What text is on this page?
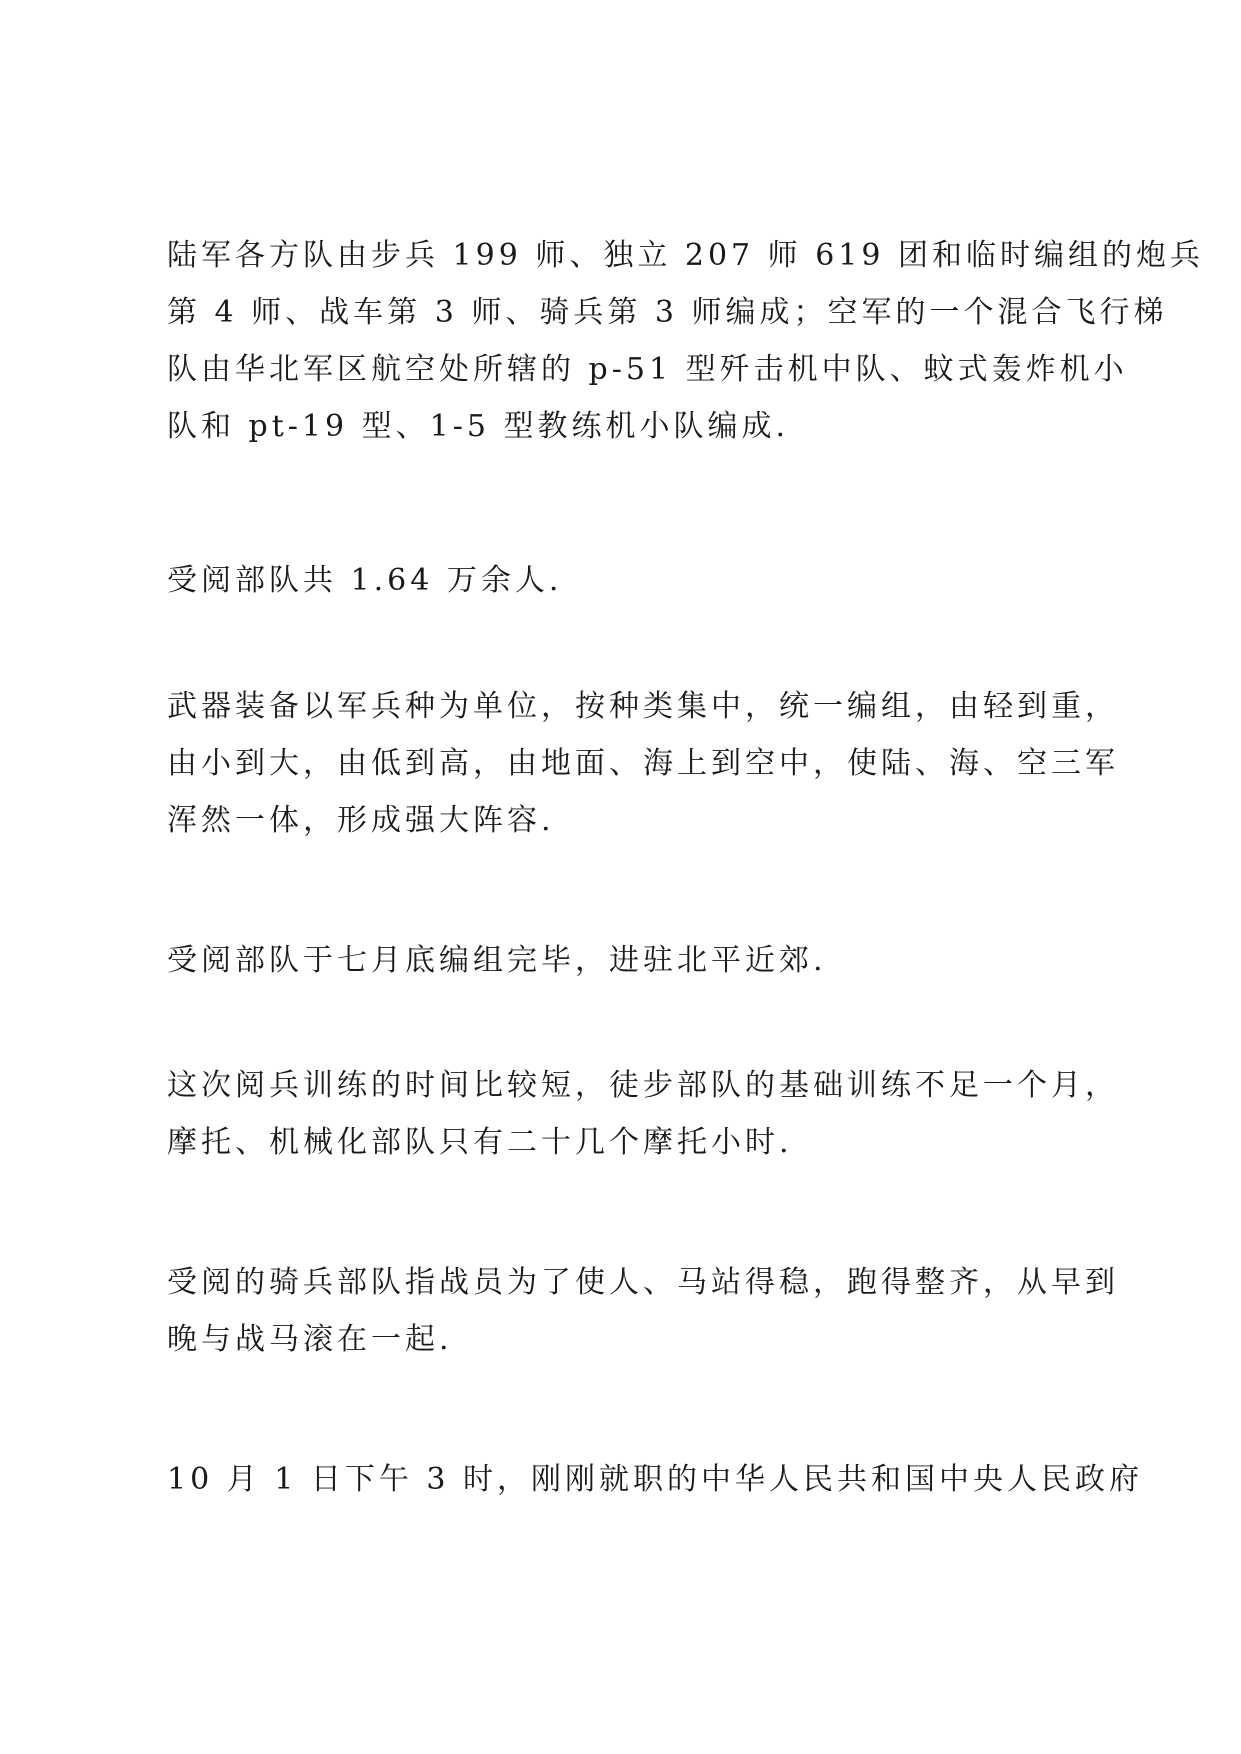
陆军各方队由步兵 199 师、独立 207 师 619 团和临时编组的炮兵
第 4 师、战车第 3 师、骑兵第 3 师编成；空军的一个混合飞行梯
队由华北军区航空处所辖的 p-51 型歼击机中队、蚊式轰炸机小
队和 pt-19 型、1-5 型教练机小队编成.

受阅部队共 1.64 万余人.

武器装备以军兵种为单位，按种类集中，统一编组，由轻到重，
由小到大，由低到高，由地面、海上到空中，使陆、海、空三军
浑然一体，形成强大阵容.

受阅部队于七月底编组完毕，进驻北平近郊.

这次阅兵训练的时间比较短，徒步部队的基础训练不足一个月，
摩托、机械化部队只有二十几个摩托小时.

受阅的骑兵部队指战员为了使人、马站得稳，跑得整齐，从早到
晚与战马滚在一起.

10 月 1 日下午 3 时，刚刚就职的中华人民共和国中央人民政府
